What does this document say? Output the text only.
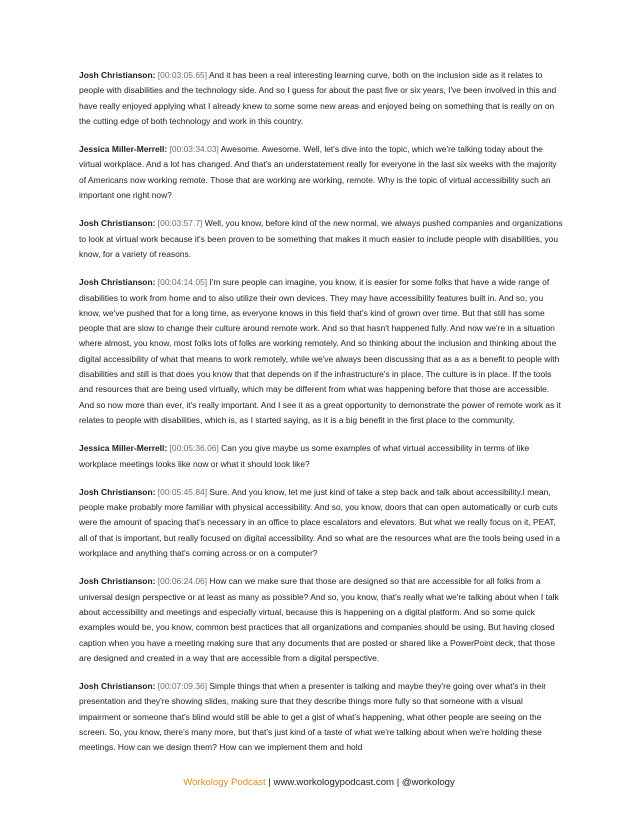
Josh Christianson: [00:03:05.65] And it has been a real interesting learning curve, both on the inclusion side as it relates to people with disabilities and the technology side. And so I guess for about the past five or six years, I've been involved in this and have really enjoyed applying what I already knew to some some new areas and enjoyed being on something that is really on on the cutting edge of both technology and work in this country.

Jessica Miller-Merrell: [00:03:34.03] Awesome. Awesome. Well, let's dive into the topic, which we're talking today about the virtual workplace. And a lot has changed. And that's an understatement really for everyone in the last six weeks with the majority of Americans now working remote. Those that are working are working, remote. Why is the topic of virtual accessibility such an important one right now?

Josh Christianson: [00:03:57.7] Well, you know, before kind of the new normal, we always pushed companies and organizations to look at virtual work because it's been proven to be something that makes it much easier to include people with disabilities, you know, for a variety of reasons.

Josh Christianson: [00:04:14.05] I'm sure people can imagine, you know, it is easier for some folks that have a wide range of disabilities to work from home and to also utilize their own devices. They may have accessibility features built in. And so, you know, we've pushed that for a long time, as everyone knows in this field that's kind of grown over time. But that still has some people that are slow to change their culture around remote work. And so that hasn't happened fully. And now we're in a situation where almost, you know, most folks lots of folks are working remotely. And so thinking about the inclusion and thinking about the digital accessibility of what that means to work remotely, while we've always been discussing that as a as a benefit to people with disabilities and still is that does you know that that depends on if the infrastructure's in place. The culture is in place. If the tools and resources that are being used virtually, which may be different from what was happening before that those are accessible. And so now more than ever, it's really important. And I see it as a great opportunity to demonstrate the power of remote work as it relates to people with disabilities, which is, as I started saying, as it is a big benefit in the first place to the community.

Jessica Miller-Merrell: [00:05:36.06] Can you give maybe us some examples of what virtual accessibility in terms of like workplace meetings looks like now or what it should look like?

Josh Christianson: [00:05:45.84] Sure. And you know, let me just kind of take a step back and talk about accessibility.I mean, people make probably more familiar with physical accessibility. And so, you know, doors that can open automatically or curb cuts were the amount of spacing that's necessary in an office to place escalators and elevators. But what we really focus on it, PEAT, all of that is important, but really focused on digital accessibility. And so what are the resources what are the tools being used in a workplace and anything that's coming across or on a computer?

Josh Christianson: [00:06:24.06] How can we make sure that those are designed so that are accessible for all folks from a universal design perspective or at least as many as possible? And so, you know, that's really what we're talking about when I talk about accessibility and meetings and especially virtual, because this is happening on a digital platform. And so some quick examples would be, you know, common best practices that all organizations and companies should be using. But having closed caption when you have a meeting making sure that any documents that are posted or shared like a PowerPoint deck, that those are designed and created in a way that are accessible from a digital perspective.

Josh Christianson: [00:07:09.36] Simple things that when a presenter is talking and maybe they're going over what's in their presentation and they're showing slides, making sure that they describe things more fully so that someone with a visual impairment or someone that's blind would still be able to get a gist of what's happening, what other people are seeing on the screen. So, you know, there's many more, but that's just kind of a taste of what we're talking about when we're holding these meetings. How can we design them? How can we implement them and hold

Workology Podcast | www.workologypodcast.com | @workology
